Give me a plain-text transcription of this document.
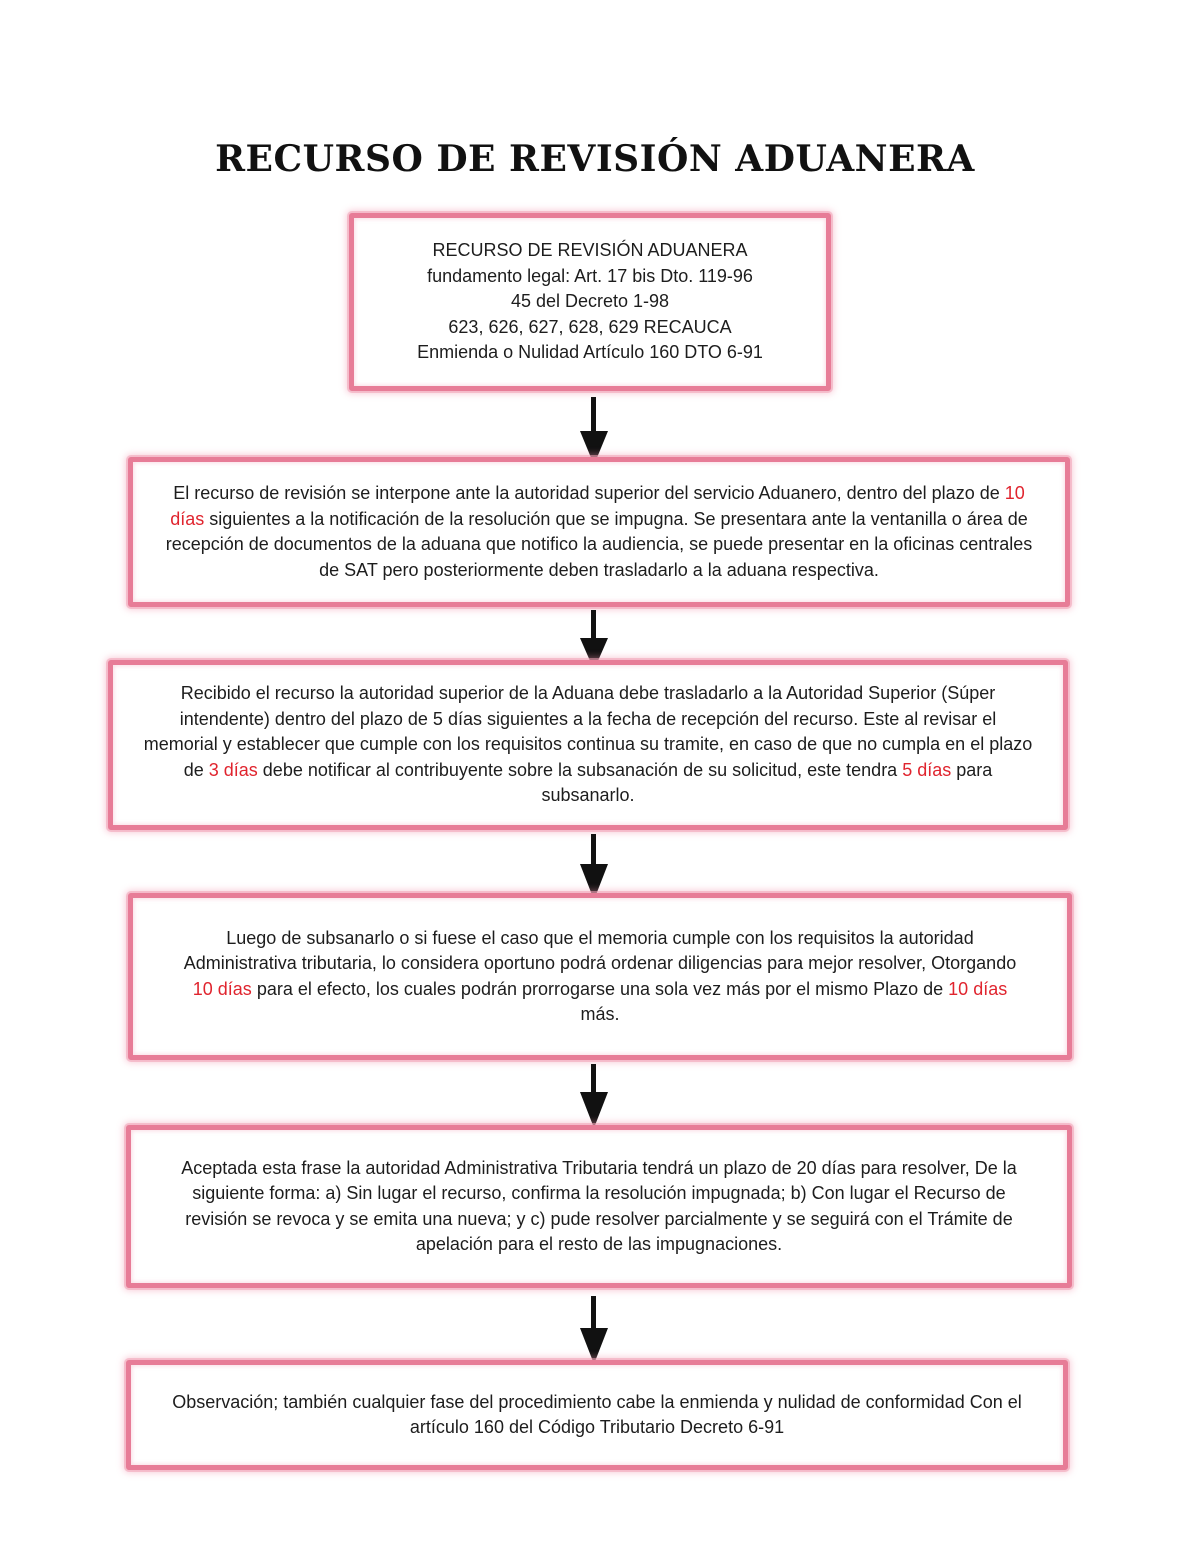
RECURSO DE REVISIÓN ADUANERA

RECURSO DE REVISIÓN ADUANERA
fundamento legal: Art. 17 bis Dto. 119-96
45 del Decreto 1-98
623, 626, 627, 628, 629 RECAUCA
Enmienda o Nulidad Artículo 160 DTO 6-91

El recurso de revisión se interpone ante la autoridad superior del servicio Aduanero, dentro del plazo de 10 días siguientes a la notificación de la resolución que se impugna. Se presentara ante la ventanilla o área de recepción de documentos de la aduana que notifico la audiencia, se puede presentar en la oficinas centrales de SAT pero posteriormente deben trasladarlo a la aduana respectiva.

Recibido el recurso la autoridad superior de la Aduana debe trasladarlo a la Autoridad Superior (Súper intendente) dentro del plazo de 5 días siguientes a la fecha de recepción del recurso. Este al revisar el memorial y establecer que cumple con los requisitos continua su tramite, en caso de que no cumpla en el plazo de 3 días debe notificar al contribuyente sobre la subsanación de su solicitud, este tendra 5 días para subsanarlo.

Luego de subsanarlo o si fuese el caso que el memoria cumple con los requisitos la autoridad Administrativa tributaria, lo considera oportuno podrá ordenar diligencias para mejor resolver, Otorgando 10 días para el efecto, los cuales podrán prorrogarse una sola vez más por el mismo Plazo de 10 días más.

Aceptada esta frase la autoridad Administrativa Tributaria tendrá un plazo de 20 días para resolver, De la siguiente forma: a) Sin lugar el recurso, confirma la resolución impugnada; b) Con lugar el Recurso de revisión se revoca y se emita una nueva; y c) pude resolver parcialmente y se seguirá con el Trámite de apelación para el resto de las impugnaciones.

Observación; también cualquier fase del procedimiento cabe la enmienda y nulidad de conformidad Con el artículo 160 del Código Tributario Decreto 6-91
